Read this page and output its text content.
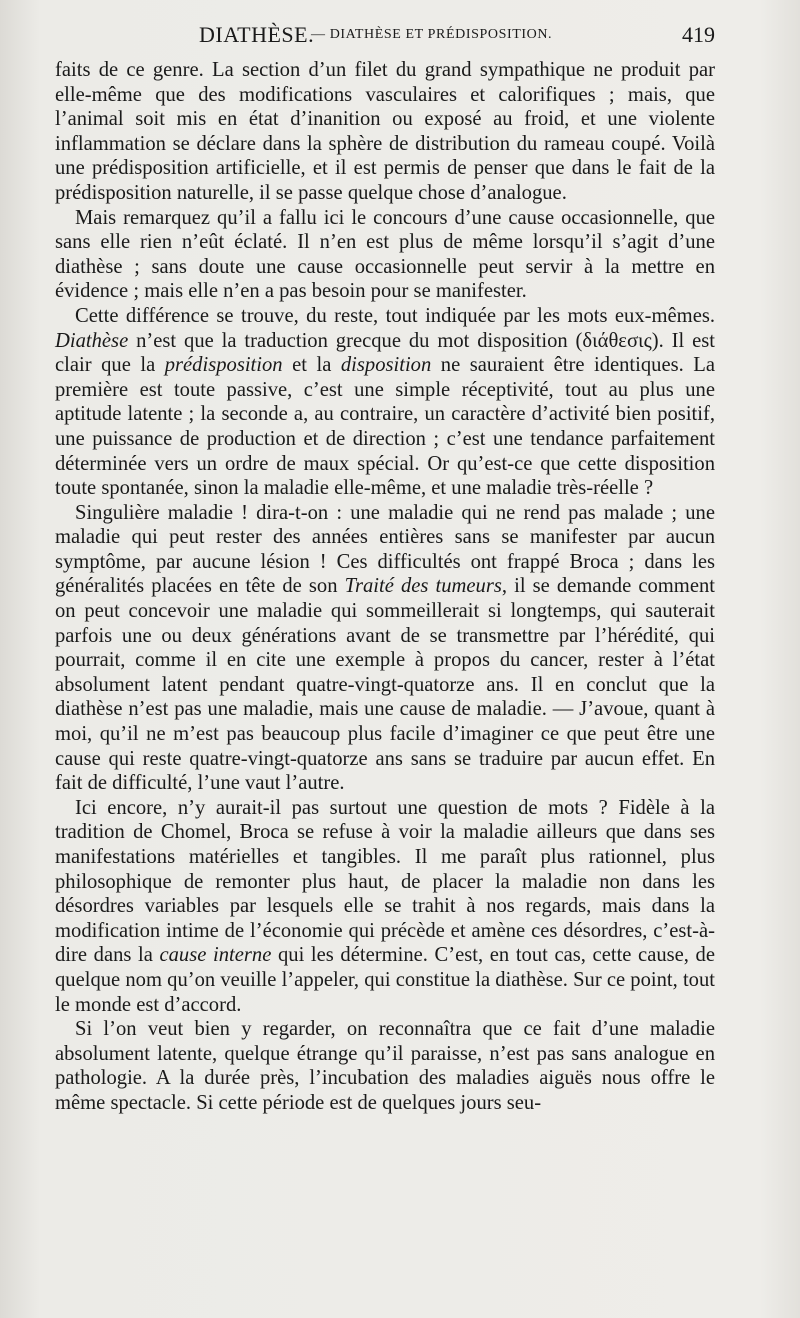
DIATHÈSE.
— DIATHÈSE ET PRÉDISPOSITION.	419

faits de ce genre. La section d’un filet du grand sympathique ne produit par elle-même que des modifications vasculaires et calorifiques ; mais, que l’animal soit mis en état d’inanition ou exposé au froid, et une violente inflammation se déclare dans la sphère de distribution du rameau coupé. Voilà une prédisposition artificielle, et il est permis de penser que dans le fait de la prédisposition naturelle, il se passe quelque chose d’analogue.

Mais remarquez qu’il a fallu ici le concours d’une cause occasionnelle, que sans elle rien n’eût éclaté. Il n’en est plus de même lorsqu’il s’agit d’une diathèse ; sans doute une cause occasionnelle peut servir à la mettre en évidence ; mais elle n’en a pas besoin pour se manifester.

Cette différence se trouve, du reste, tout indiquée par les mots eux-mêmes. Diathèse n’est que la traduction grecque du mot disposition (διάθεσις). Il est clair que la prédisposition et la disposition ne sauraient être identiques. La première est toute passive, c’est une simple réceptivité, tout au plus une aptitude latente ; la seconde a, au contraire, un caractère d’activité bien positif, une puissance de production et de direction ; c’est une tendance parfaitement déterminée vers un ordre de maux spécial. Or qu’est-ce que cette disposition toute spontanée, sinon la maladie elle-même, et une maladie très-réelle ?

Singulière maladie ! dira-t-on : une maladie qui ne rend pas malade ; une maladie qui peut rester des années entières sans se manifester par aucun symptôme, par aucune lésion ! Ces difficultés ont frappé Broca ; dans les généralités placées en tête de son Traité des tumeurs, il se demande comment on peut concevoir une maladie qui sommeillerait si longtemps, qui sauterait parfois une ou deux générations avant de se transmettre par l’hérédité, qui pourrait, comme il en cite une exemple à propos du cancer, rester à l’état absolument latent pendant quatre-vingt-quatorze ans. Il en conclut que la diathèse n’est pas une maladie, mais une cause de maladie. — J’avoue, quant à moi, qu’il ne m’est pas beaucoup plus facile d’imaginer ce que peut être une cause qui reste quatre-vingt-quatorze ans sans se traduire par aucun effet. En fait de difficulté, l’une vaut l’autre.

Ici encore, n’y aurait-il pas surtout une question de mots ? Fidèle à la tradition de Chomel, Broca se refuse à voir la maladie ailleurs que dans ses manifestations matérielles et tangibles. Il me paraît plus rationnel, plus philosophique de remonter plus haut, de placer la maladie non dans les désordres variables par lesquels elle se trahit à nos regards, mais dans la modification intime de l’économie qui précède et amène ces désordres, c’est-à-dire dans la cause interne qui les détermine. C’est, en tout cas, cette cause, de quelque nom qu’on veuille l’appeler, qui constitue la diathèse. Sur ce point, tout le monde est d’accord.

Si l’on veut bien y regarder, on reconnaîtra que ce fait d’une maladie absolument latente, quelque étrange qu’il paraisse, n’est pas sans analogue en pathologie. A la durée près, l’incubation des maladies aiguës nous offre le même spectacle. Si cette période est de quelques jours seu-
